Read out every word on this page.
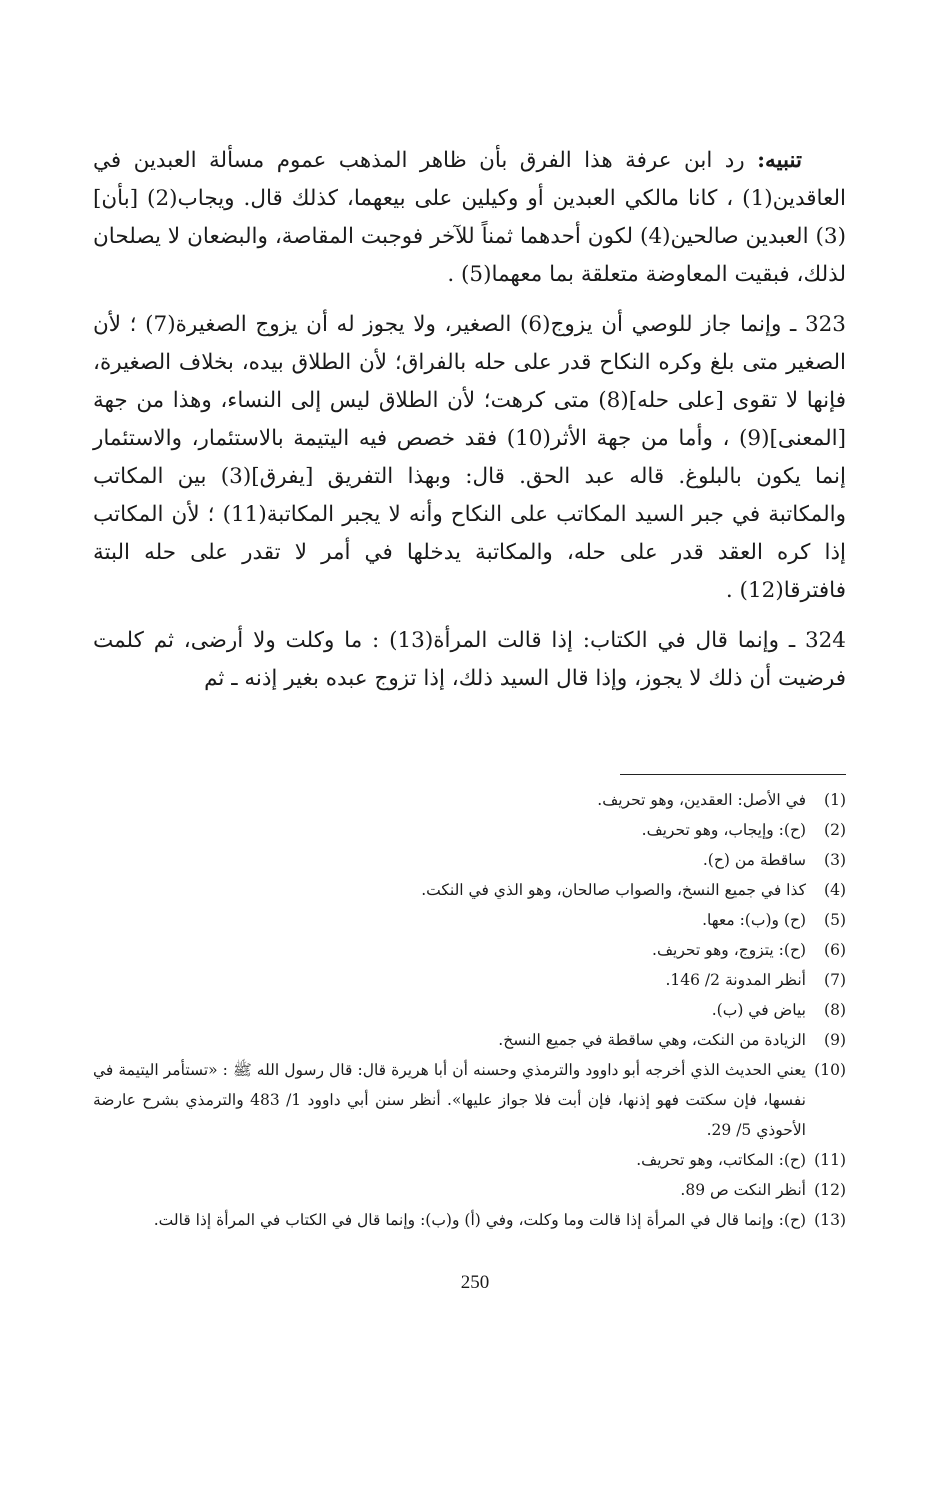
تنبيه: رد ابن عرفة هذا الفرق بأن ظاهر المذهب عموم مسألة العبدين في العاقدين(1) ، كانا مالكي العبدين أو وكيلين على بيعهما، كذلك قال. ويجاب(2) [بأن](3) العبدين صالحين(4) لكون أحدهما ثمناً للآخر فوجبت المقاصة، والبضعان لا يصلحان لذلك، فبقيت المعاوضة متعلقة بما معهما(5) .

323 ـ وإنما جاز للوصي أن يزوج(6) الصغير، ولا يجوز له أن يزوج الصغيرة(7) ؛ لأن الصغير متى بلغ وكره النكاح قدر على حله بالفراق؛ لأن الطلاق بيده، بخلاف الصغيرة، فإنها لا تقوى [على حله](8) متى كرهت؛ لأن الطلاق ليس إلى النساء، وهذا من جهة [المعنى](9) ، وأما من جهة الأثر(10) فقد خصص فيه اليتيمة بالاستئمار، والاستئمار إنما يكون بالبلوغ. قاله عبد الحق. قال: وبهذا التفريق [يفرق](3) بين المكاتب والمكاتبة في جبر السيد المكاتب على النكاح وأنه لا يجبر المكاتبة(11) ؛ لأن المكاتب إذا كره العقد قدر على حله، والمكاتبة يدخلها في أمر لا تقدر على حله البتة فافترقا(12) .

324 ـ وإنما قال في الكتاب: إذا قالت المرأة(13) : ما وكلت ولا أرضى، ثم كلمت فرضيت أن ذلك لا يجوز، وإذا قال السيد ذلك، إذا تزوج عبده بغير إذنه ـ ثم

(1)
في الأصل: العقدين، وهو تحريف.
(2)
(ح): وإيجاب، وهو تحريف.
(3)
ساقطة من (ح).
(4)
كذا في جميع النسخ، والصواب صالحان، وهو الذي في النكت.
(5)
(ح) و(ب): معها.
(6)
(ح): يتزوج، وهو تحريف.
(7)
أنظر المدونة 2/ 146.
(8)
بياض في (ب).
(9)
الزيادة من النكت، وهي ساقطة في جميع النسخ.
(10)
يعني الحديث الذي أخرجه أبو داوود والترمذي وحسنه أن أبا هريرة قال: قال رسول الله ﷺ : «تستأمر اليتيمة في نفسها، فإن سكتت فهو إذنها، فإن أبت فلا جواز عليها». أنظر سنن أبي داوود 1/ 483 والترمذي بشرح عارضة الأحوذي 5/ 29.
(11)
(ح): المكاتب، وهو تحريف.
(12)
أنظر النكت ص 89.
(13)
(ح): وإنما قال في المرأة إذا قالت وما وكلت، وفي (أ) و(ب): وإنما قال في الكتاب في المرأة إذا قالت.
250
